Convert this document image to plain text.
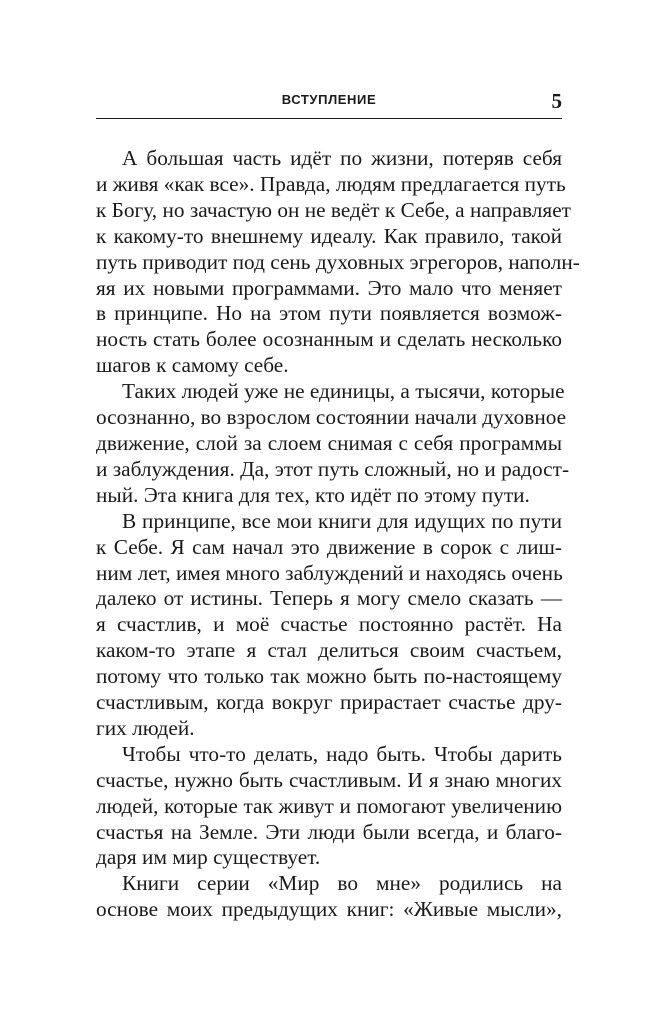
ВСТУПЛЕНИЕ	5
А большая часть идёт по жизни, потеряв себя
и живя «как все». Правда, людям предлагается путь
к Богу, но зачастую он не ведёт к Себе, а направляет
к какому-то внешнему идеалу. Как правило, такой
путь приводит под сень духовных эгрегоров, наполн-
яя их новыми программами. Это мало что меняет
в принципе. Но на этом пути появляется возмож-
ность стать более осознанным и сделать несколько
шагов к самому себе.
Таких людей уже не единицы, а тысячи, которые
осознанно, во взрослом состоянии начали духовное
движение, слой за слоем снимая с себя программы
и заблуждения. Да, этот путь сложный, но и радост-
ный. Эта книга для тех, кто идёт по этому пути.
В принципе, все мои книги для идущих по пути
к Себе. Я сам начал это движение в сорок с лиш-
ним лет, имея много заблуждений и находясь очень
далеко от истины. Теперь я могу смело сказать —
я счастлив, и моё счастье постоянно растёт. На
каком-то этапе я стал делиться своим счастьем,
потому что только так можно быть по-настоящему
счастливым, когда вокруг прирастает счастье дру-
гих людей.
Чтобы что-то делать, надо быть. Чтобы дарить
счастье, нужно быть счастливым. И я знаю многих
людей, которые так живут и помогают увеличению
счастья на Земле. Эти люди были всегда, и благо-
даря им мир существует.
Книги серии «Мир во мне» родились на
основе моих предыдущих книг: «Живые мысли»,
